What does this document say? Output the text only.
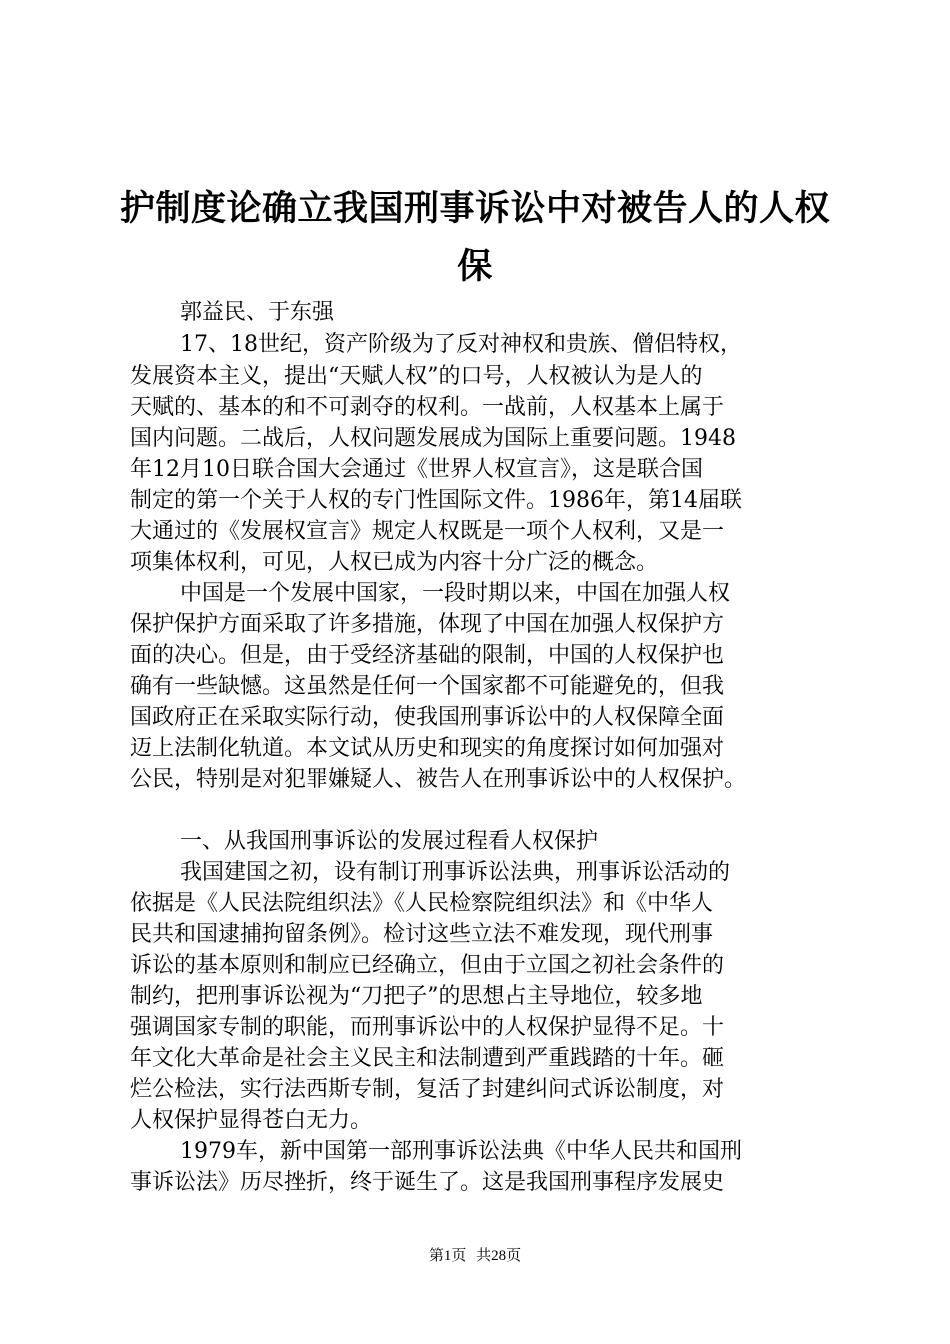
护制度论确立我国刑事诉讼中对被告人的人权
保
郭益民、于东强
17、18世纪，资产阶级为了反对神权和贵族、僧侣特权，
发展资本主义，提出“天赋人权”的口号，人权被认为是人的
天赋的、基本的和不可剥夺的权利。一战前，人权基本上属于
国内问题。二战后，人权问题发展成为国际上重要问题。1948
年12月10日联合国大会通过《世界人权宣言》，这是联合国
制定的第一个关于人权的专门性国际文件。1986年，第14届联
大通过的《发展权宣言》规定人权既是一项个人权利，又是一
项集体权利，可见，人权已成为内容十分广泛的概念。
中国是一个发展中国家，一段时期以来，中国在加强人权
保护保护方面采取了许多措施，体现了中国在加强人权保护方
面的决心。但是，由于受经济基础的限制，中国的人权保护也
确有一些缺憾。这虽然是任何一个国家都不可能避免的，但我
国政府正在采取实际行动，使我国刑事诉讼中的人权保障全面
迈上法制化轨道。本文试从历史和现实的角度探讨如何加强对
公民，特别是对犯罪嫌疑人、被告人在刑事诉讼中的人权保护。
一、从我国刑事诉讼的发展过程看人权保护
我国建国之初，设有制订刑事诉讼法典，刑事诉讼活动的
依据是《人民法院组织法》《人民检察院组织法》和《中华人
民共和国逮捕拘留条例》。检讨这些立法不难发现，现代刑事
诉讼的基本原则和制应已经确立，但由于立国之初社会条件的
制约，把刑事诉讼视为“刀把子”的思想占主导地位，较多地
强调国家专制的职能，而刑事诉讼中的人权保护显得不足。十
年文化大革命是社会主义民主和法制遭到严重践踏的十年。砸
烂公检法，实行法西斯专制，复活了封建纠问式诉讼制度，对
人权保护显得苍白无力。
1979车，新中国第一部刑事诉讼法典《中华人民共和国刑
事诉讼法》历尽挫折，终于诞生了。这是我国刑事程序发展史
第1页 共28页
